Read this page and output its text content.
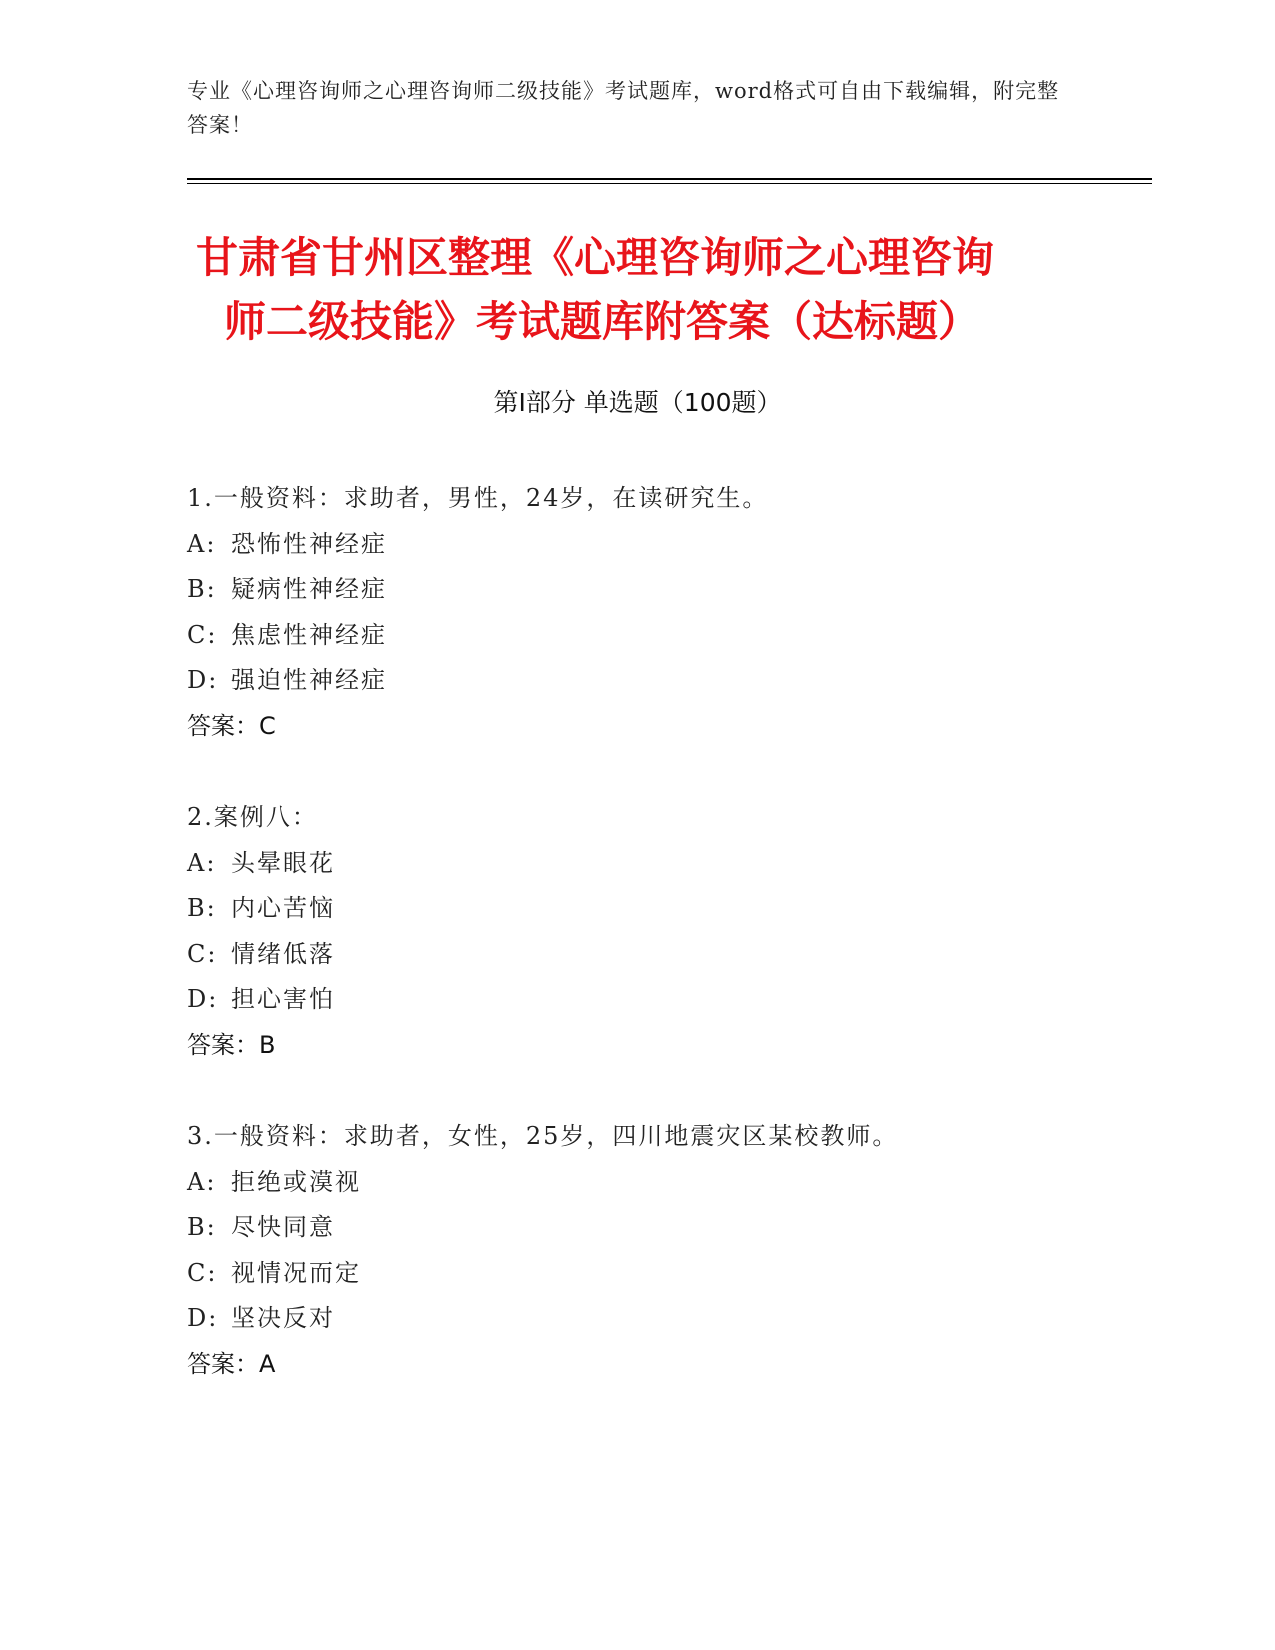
专业《心理咨询师之心理咨询师二级技能》考试题库，word格式可自由下载编辑，附完整答案！
甘肃省甘州区整理《心理咨询师之心理咨询
师二级技能》考试题库附答案（达标题）
第Ⅰ部分 单选题（100题）
1.一般资料：求助者，男性，24岁，在读研究生。
A: 恐怖性神经症
B: 疑病性神经症
C: 焦虑性神经症
D: 强迫性神经症
答案：C
2.案例八：
A: 头晕眼花
B: 内心苦恼
C: 情绪低落
D: 担心害怕
答案：B
3.一般资料：求助者，女性，25岁，四川地震灾区某校教师。
A: 拒绝或漠视
B: 尽快同意
C: 视情况而定
D: 坚决反对
答案：A
